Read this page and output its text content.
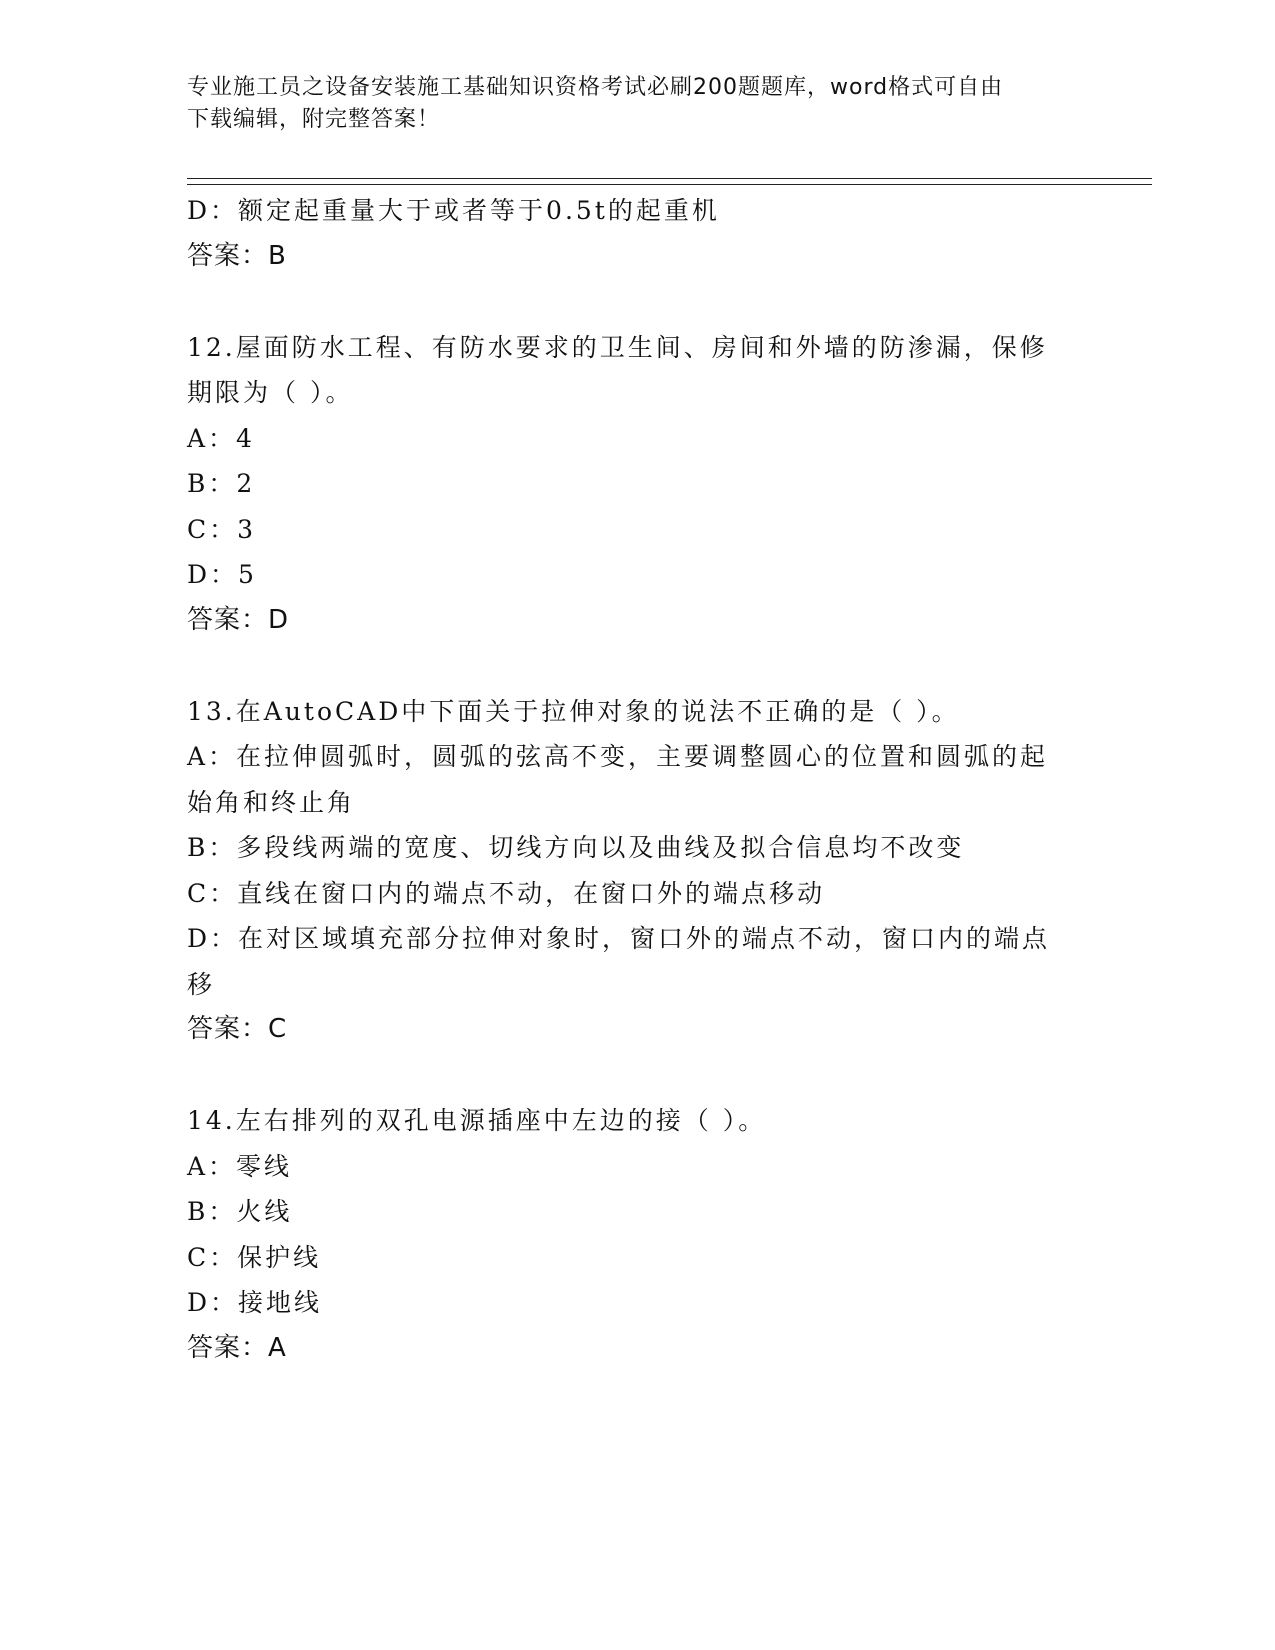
专业施工员之设备安装施工基础知识资格考试必刷200题题库，word格式可自由
下载编辑，附完整答案！
D：额定起重量大于或者等于0.5t的起重机
答案：B
12.屋面防水工程、有防水要求的卫生间、房间和外墙的防渗漏，保修
期限为（ ）。
A：4
B：2
C：3
D：5
答案：D
13.在AutoCAD中下面关于拉伸对象的说法不正确的是（ ）。
A：在拉伸圆弧时，圆弧的弦高不变，主要调整圆心的位置和圆弧的起
始角和终止角
B：多段线两端的宽度、切线方向以及曲线及拟合信息均不改变
C：直线在窗口内的端点不动，在窗口外的端点移动
D：在对区域填充部分拉伸对象时，窗口外的端点不动，窗口内的端点
移
答案：C
14.左右排列的双孔电源插座中左边的接（ ）。
A：零线
B：火线
C：保护线
D：接地线
答案：A
